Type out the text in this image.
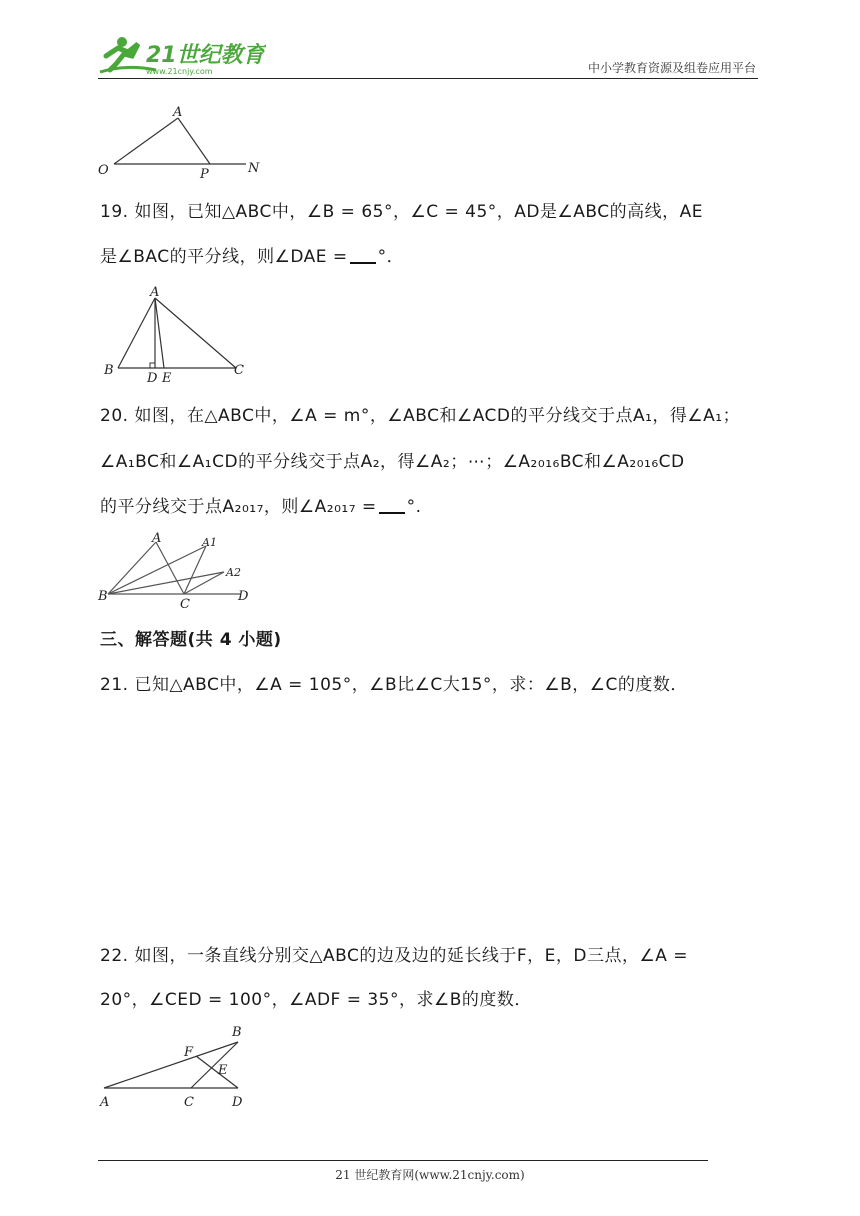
21世纪教育
www.21cnjy.com	中小学教育资源及组卷应用平台
O
A
P	N
19. 如图，已知△ABC中，∠B = 65°，∠C = 45°，AD是∠ABC的高线，AE
是∠BAC的平分线，则∠DAE = °．
A
B
D E
C
20. 如图，在△ABC中，∠A = m°，∠ABC和∠ACD的平分线交于点A₁，得∠A₁；
∠A₁BC和∠A₁CD的平分线交于点A₂，得∠A₂；⋯；∠A₂₀₁₆BC和∠A₂₀₁₆CD
的平分线交于点A₂₀₁₇，则∠A₂₀₁₇ = °.
A	A1
A2
B
C
D
三、解答题(共 4 小题)
21. 已知△ABC中，∠A = 105°，∠B比∠C大15°，求：∠B，∠C的度数．
22. 如图，一条直线分别交△ABC的边及边的延长线于F，E，D三点，∠A =
20°，∠CED = 100°，∠ADF = 35°，求∠B的度数．
B
F
E
A	C	D
21 世纪教育网(www.21cnjy.com)
